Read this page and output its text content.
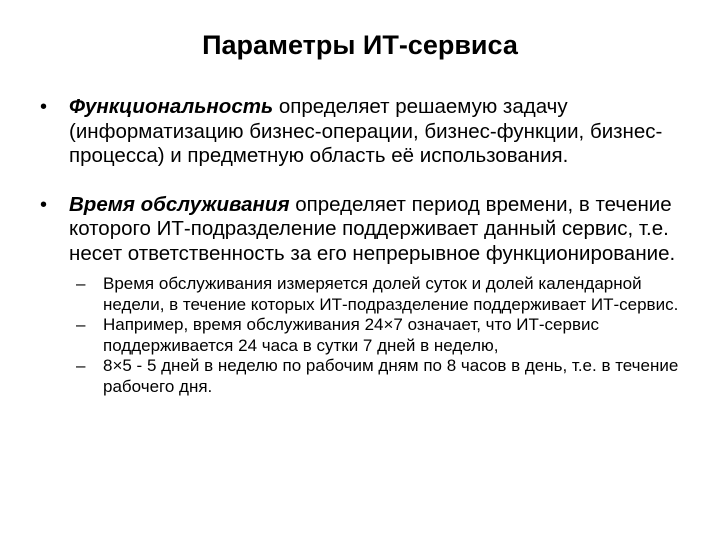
Параметры ИТ-сервиса
• Функциональность определяет решаемую задачу (информатизацию бизнес-операции, бизнес-функции, бизнес-процесса) и предметную область её использования.
• Время обслуживания определяет период времени, в течение которого ИТ-подразделение поддерживает данный сервис, т.е. несет ответственность за его непрерывное функционирование.
– Время обслуживания измеряется долей суток и долей календарной недели, в течение которых ИТ-подразделение поддерживает ИТ-сервис.
– Например, время обслуживания 24×7 означает, что ИТ-сервис поддерживается 24 часа в сутки 7 дней в неделю,
– 8×5 - 5 дней в неделю по рабочим дням по 8 часов в день, т.е. в течение рабочего дня.
